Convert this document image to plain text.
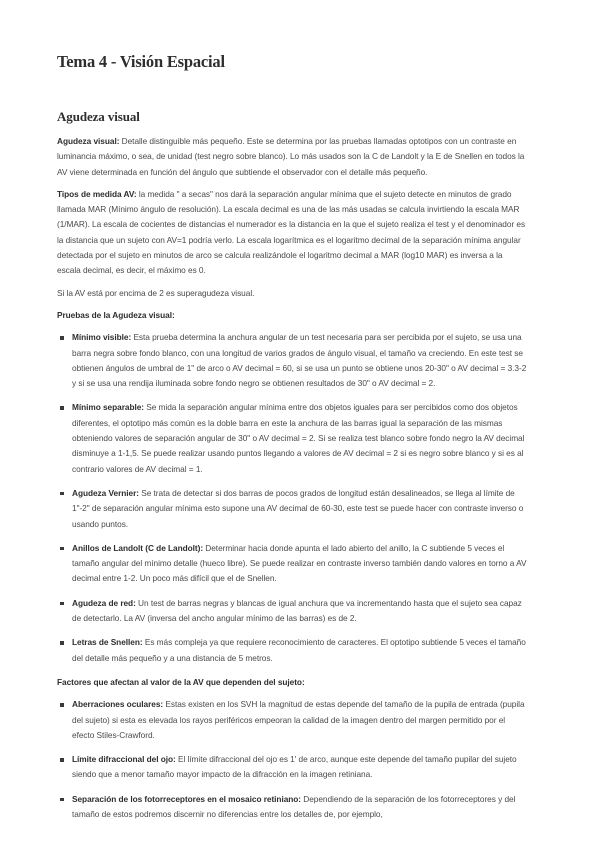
Tema 4 - Visión Espacial
Agudeza visual

Agudeza visual: Detalle distinguible más pequeño. Este se determina por las pruebas llamadas optotipos con un contraste en luminancia máximo, o sea, de unidad (test negro sobre blanco). Lo más usados son la C de Landolt y la E de Snellen en todos la AV viene determinada en función del ángulo que subtiende el observador con el detalle más pequeño.

Tipos de medida AV: la medida " a secas" nos dará la separación angular mínima que el sujeto detecte en minutos de grado llamada MAR (Mínimo ángulo de resolución). La escala decimal es una de las más usadas se calcula invirtiendo la escala MAR (1/MAR). La escala de cocientes de distancias el numerador es la distancia en la que el sujeto realiza el test y el denominador es la distancia que un sujeto con AV=1 podría verlo. La escala logarítmica es el logaritmo decimal de la separación mínima angular detectada por el sujeto en minutos de arco se calcula realizándole el logaritmo decimal a MAR (log10 MAR) es inversa a la escala decimal, es decir, el máximo es 0.

Si la AV está por encima de 2 es superagudeza visual.

Pruebas de la Agudeza visual:

Mínimo visible: Esta prueba determina la anchura angular de un test necesaria para ser percibida por el sujeto, se usa una barra negra sobre fondo blanco, con una longitud de varios grados de ángulo visual, el tamaño va creciendo. En este test se obtienen ángulos de umbral de 1" de arco o AV decimal = 60, si se usa un punto se obtiene unos 20-30" o AV decimal = 3.3-2 y si se usa una rendija iluminada sobre fondo negro se obtienen resultados de 30" o AV decimal = 2.
Mínimo separable: Se mida la separación angular mínima entre dos objetos iguales para ser percibidos como dos objetos diferentes, el optotipo más común es la doble barra en este la anchura de las barras igual la separación de las mismas obteniendo valores de separación angular de 30" o AV decimal = 2. Si se realiza test blanco sobre fondo negro la AV decimal disminuye a 1-1,5. Se puede realizar usando puntos llegando a valores de AV decimal = 2 si es negro sobre blanco y si es al contrario valores de AV decimal = 1.
Agudeza Vernier: Se trata de detectar si dos barras de pocos grados de longitud están desalineados, se llega al límite de 1"-2" de separación angular mínima esto supone una AV decimal de 60-30, este test se puede hacer con contraste inverso o usando puntos.
Anillos de Landolt (C de Landolt): Determinar hacia donde apunta el lado abierto del anillo, la C subtiende 5 veces el tamaño angular del mínimo detalle (hueco libre). Se puede realizar en contraste inverso también dando valores en torno a AV decimal entre 1-2. Un poco más difícil que el de Snellen.
Agudeza de red: Un test de barras negras y blancas de igual anchura que va incrementando hasta que el sujeto sea capaz de detectarlo. La AV (inversa del ancho angular mínimo de las barras) es de 2.
Letras de Snellen: Es más compleja ya que requiere reconocimiento de caracteres. El optotipo subtiende 5 veces el tamaño del detalle más pequeño y a una distancia de 5 metros.

Factores que afectan al valor de la AV que dependen del sujeto:

Aberraciones oculares: Estas existen en los SVH la magnitud de estas depende del tamaño de la pupila de entrada (pupila del sujeto) si esta es elevada los rayos periféricos empeoran la calidad de la imagen dentro del margen permitido por el efecto Stiles-Crawford.
Límite difraccional del ojo: El límite difraccional del ojo es 1' de arco, aunque este depende del tamaño pupilar del sujeto siendo que a menor tamaño mayor impacto de la difracción en la imagen retiniana.
Separación de los fotorreceptores en el mosaico retiniano: Dependiendo de la separación de los fotorreceptores y del tamaño de estos podremos discernir no diferencias entre los detalles de, por ejemplo,
